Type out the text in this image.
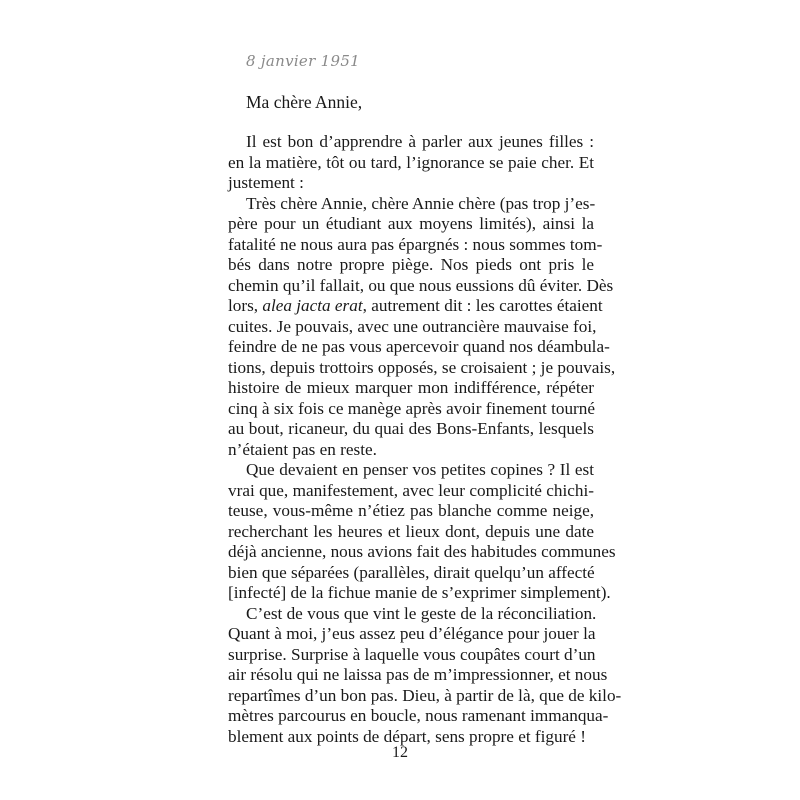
8 janvier 1951
Ma chère Annie,
Il est bon d’apprendre à parler aux jeunes filles :
en la matière, tôt ou tard, l’ignorance se paie cher. Et
justement :
Très chère Annie, chère Annie chère (pas trop j’es-
père pour un étudiant aux moyens limités), ainsi la
fatalité ne nous aura pas épargnés : nous sommes tom-
bés dans notre propre piège. Nos pieds ont pris le
chemin qu’il fallait, ou que nous eussions dû éviter. Dès
lors, alea jacta erat, autrement dit : les carottes étaient
cuites. Je pouvais, avec une outrancière mauvaise foi,
feindre de ne pas vous apercevoir quand nos déambula-
tions, depuis trottoirs opposés, se croisaient ; je pouvais,
histoire de mieux marquer mon indifférence, répéter
cinq à six fois ce manège après avoir finement tourné
au bout, ricaneur, du quai des Bons-Enfants, lesquels
n’étaient pas en reste.
Que devaient en penser vos petites copines ? Il est
vrai que, manifestement, avec leur complicité chichi-
teuse, vous-même n’étiez pas blanche comme neige,
recherchant les heures et lieux dont, depuis une date
déjà ancienne, nous avions fait des habitudes communes
bien que séparées (parallèles, dirait quelqu’un affecté
[infecté] de la fichue manie de s’exprimer simplement).
C’est de vous que vint le geste de la réconciliation.
Quant à moi, j’eus assez peu d’élégance pour jouer la
surprise. Surprise à laquelle vous coupâtes court d’un
air résolu qui ne laissa pas de m’impressionner, et nous
repartîmes d’un bon pas. Dieu, à partir de là, que de kilo-
mètres parcourus en boucle, nous ramenant immanqua-
blement aux points de départ, sens propre et figuré !
12
